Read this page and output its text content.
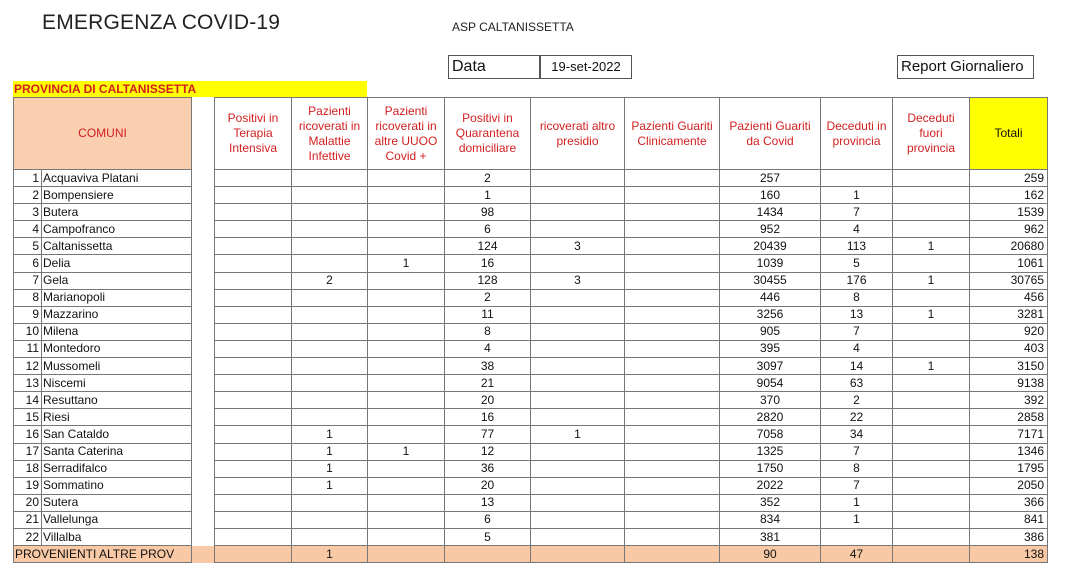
EMERGENZA COVID-19	ASP CALTANISSETTA
Data	19-set-2022	Report Giornaliero
PROVINCIA DI CALTANISSETTA
COMUNI			Positivi in Terapia Intensiva	Pazienti ricoverati in Malattie Infettive	Pazienti ricoverati in altre UUOO Covid +	Positivi in Quarantena domiciliare	ricoverati altro presidio	Pazienti Guariti Clinicamente	Pazienti Guariti da Covid	Deceduti in provincia	Deceduti fuori provincia	Totali
1	Acquaviva Platani					2			257			259
2	Bompensiere					1			160	1		162
3	Butera					98			1434	7		1539
4	Campofranco					6			952	4		962
5	Caltanissetta					124	3		20439	113	1	20680
6	Delia				1	16			1039	5		1061
7	Gela			2		128	3		30455	176	1	30765
8	Marianopoli					2			446	8		456
9	Mazzarino					11			3256	13	1	3281
10	Milena					8			905	7		920
11	Montedoro					4			395	4		403
12	Mussomeli					38			3097	14	1	3150
13	Niscemi					21			9054	63		9138
14	Resuttano					20			370	2		392
15	Riesi					16			2820	22		2858
16	San Cataldo			1		77	1		7058	34		7171
17	Santa Caterina			1	1	12			1325	7		1346
18	Serradifalco			1		36			1750	8		1795
19	Sommatino			1		20			2022	7		2050
20	Sutera					13			352	1		366
21	Vallelunga					6			834	1		841
22	Villalba					5			381			386
PROVENIENTI ALTRE PROV				1					90	47		138
